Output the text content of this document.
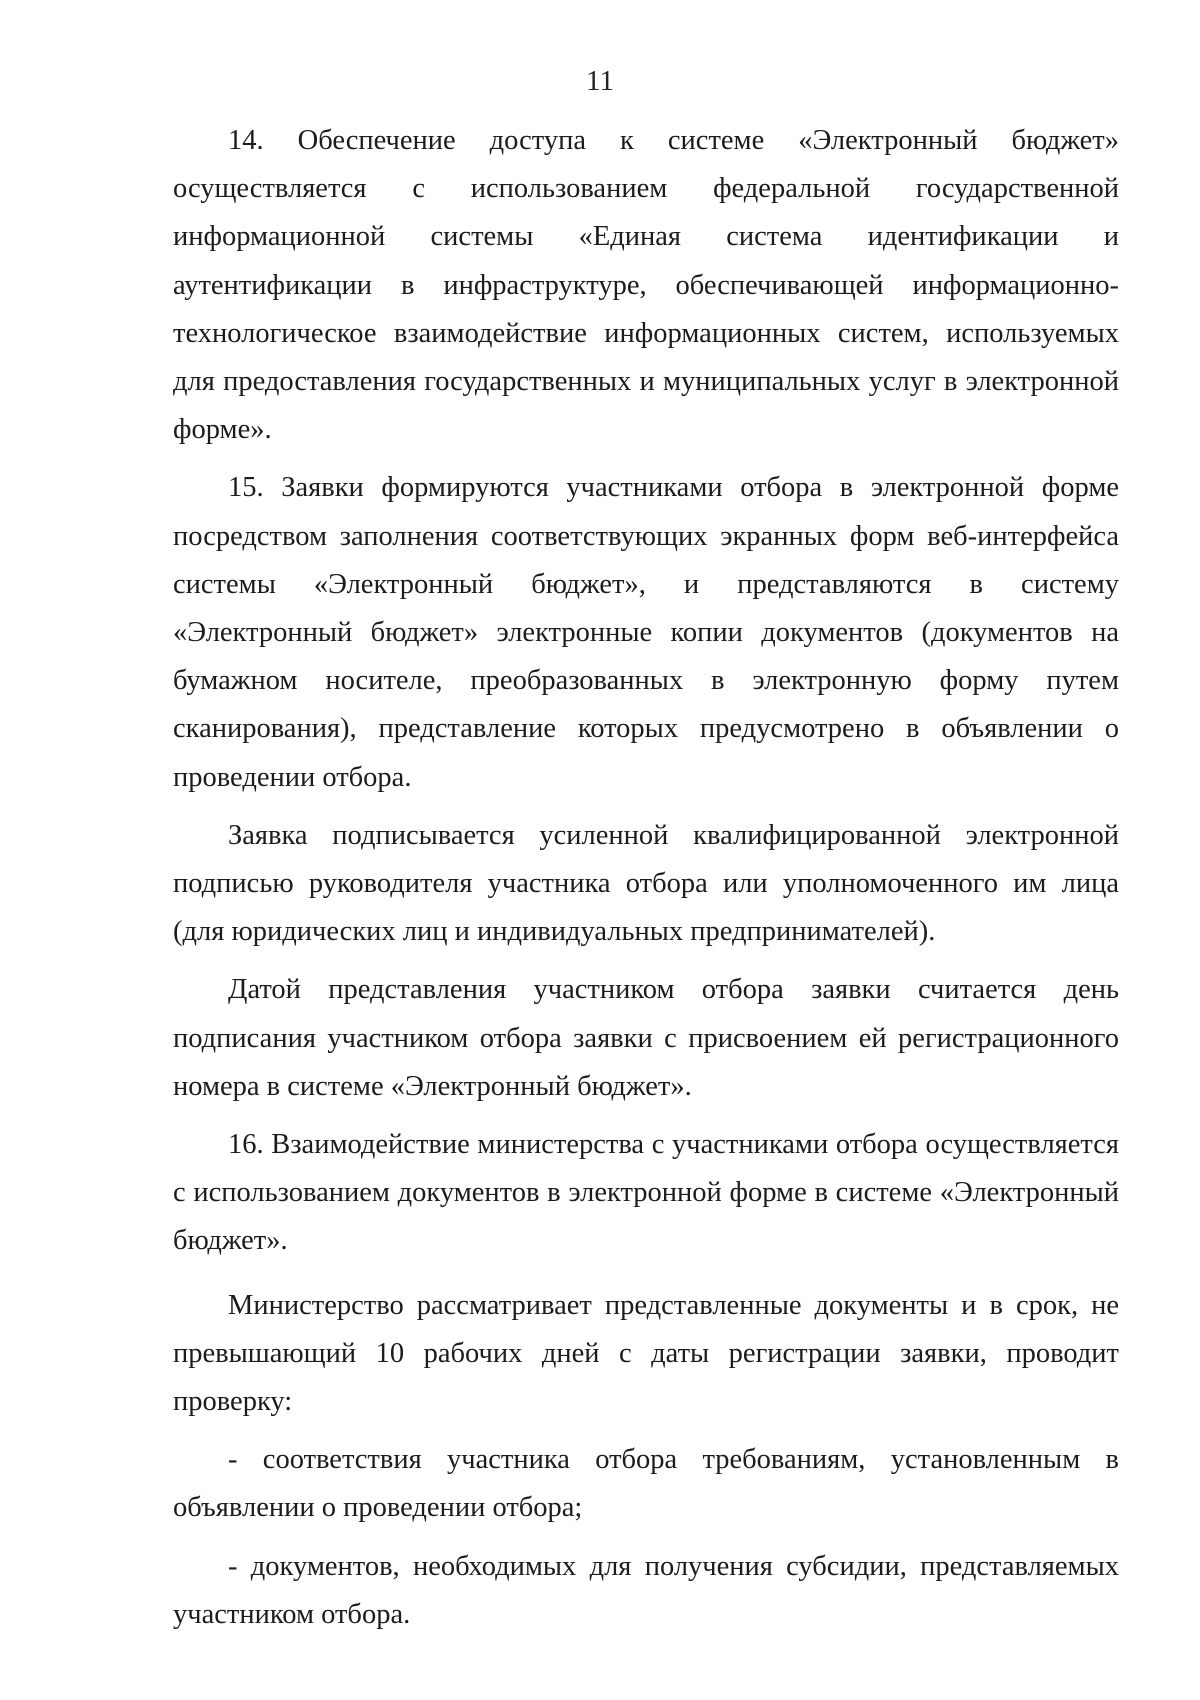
11

14. Обеспечение доступа к системе «Электронный бюджет» осуществляется с использованием федеральной государственной информационной системы «Единая система идентификации и аутентификации в инфраструктуре, обеспечивающей информационно-технологическое взаимодействие информационных систем, используемых для предоставления государственных и муниципальных услуг в электронной форме».

15. Заявки формируются участниками отбора в электронной форме посредством заполнения соответствующих экранных форм веб-интерфейса системы «Электронный бюджет», и представляются в систему «Электронный бюджет» электронные копии документов (документов на бумажном носителе, преобразованных в электронную форму путем сканирования), представление которых предусмотрено в объявлении о проведении отбора.

Заявка подписывается усиленной квалифицированной электронной подписью руководителя участника отбора или уполномоченного им лица (для юридических лиц и индивидуальных предпринимателей).

Датой представления участником отбора заявки считается день подписания участником отбора заявки с присвоением ей регистрационного номера в системе «Электронный бюджет».

16. Взаимодействие министерства с участниками отбора осуществляется с использованием документов в электронной форме в системе «Электронный бюджет».

Министерство рассматривает представленные документы и в срок, не превышающий 10 рабочих дней с даты регистрации заявки, проводит проверку:

- соответствия участника отбора требованиям, установленным в объявлении о проведении отбора;

- документов, необходимых для получения субсидии, представляемых участником отбора.
